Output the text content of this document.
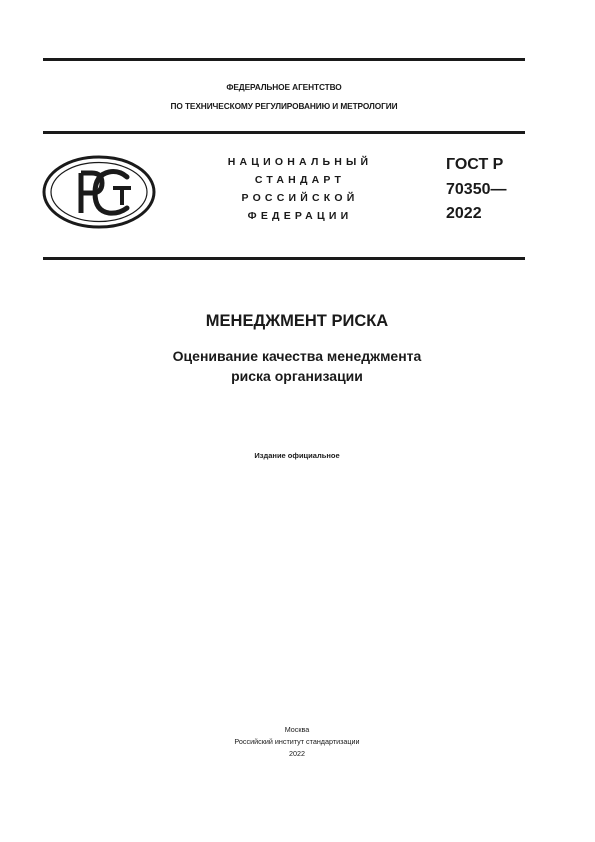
ФЕДЕРАЛЬНОЕ АГЕНТСТВО
ПО ТЕХНИЧЕСКОМУ РЕГУЛИРОВАНИЮ И МЕТРОЛОГИИ
НАЦИОНАЛЬНЫЙ
СТАНДАРТ
РОССИЙСКОЙ
ФЕДЕРАЦИИ
ГОСТ Р
70350—
2022
МЕНЕДЖМЕНТ РИСКА
Оценивание качества менеджмента
риска организации
Издание официальное
Москва
Российский институт стандартизации
2022
